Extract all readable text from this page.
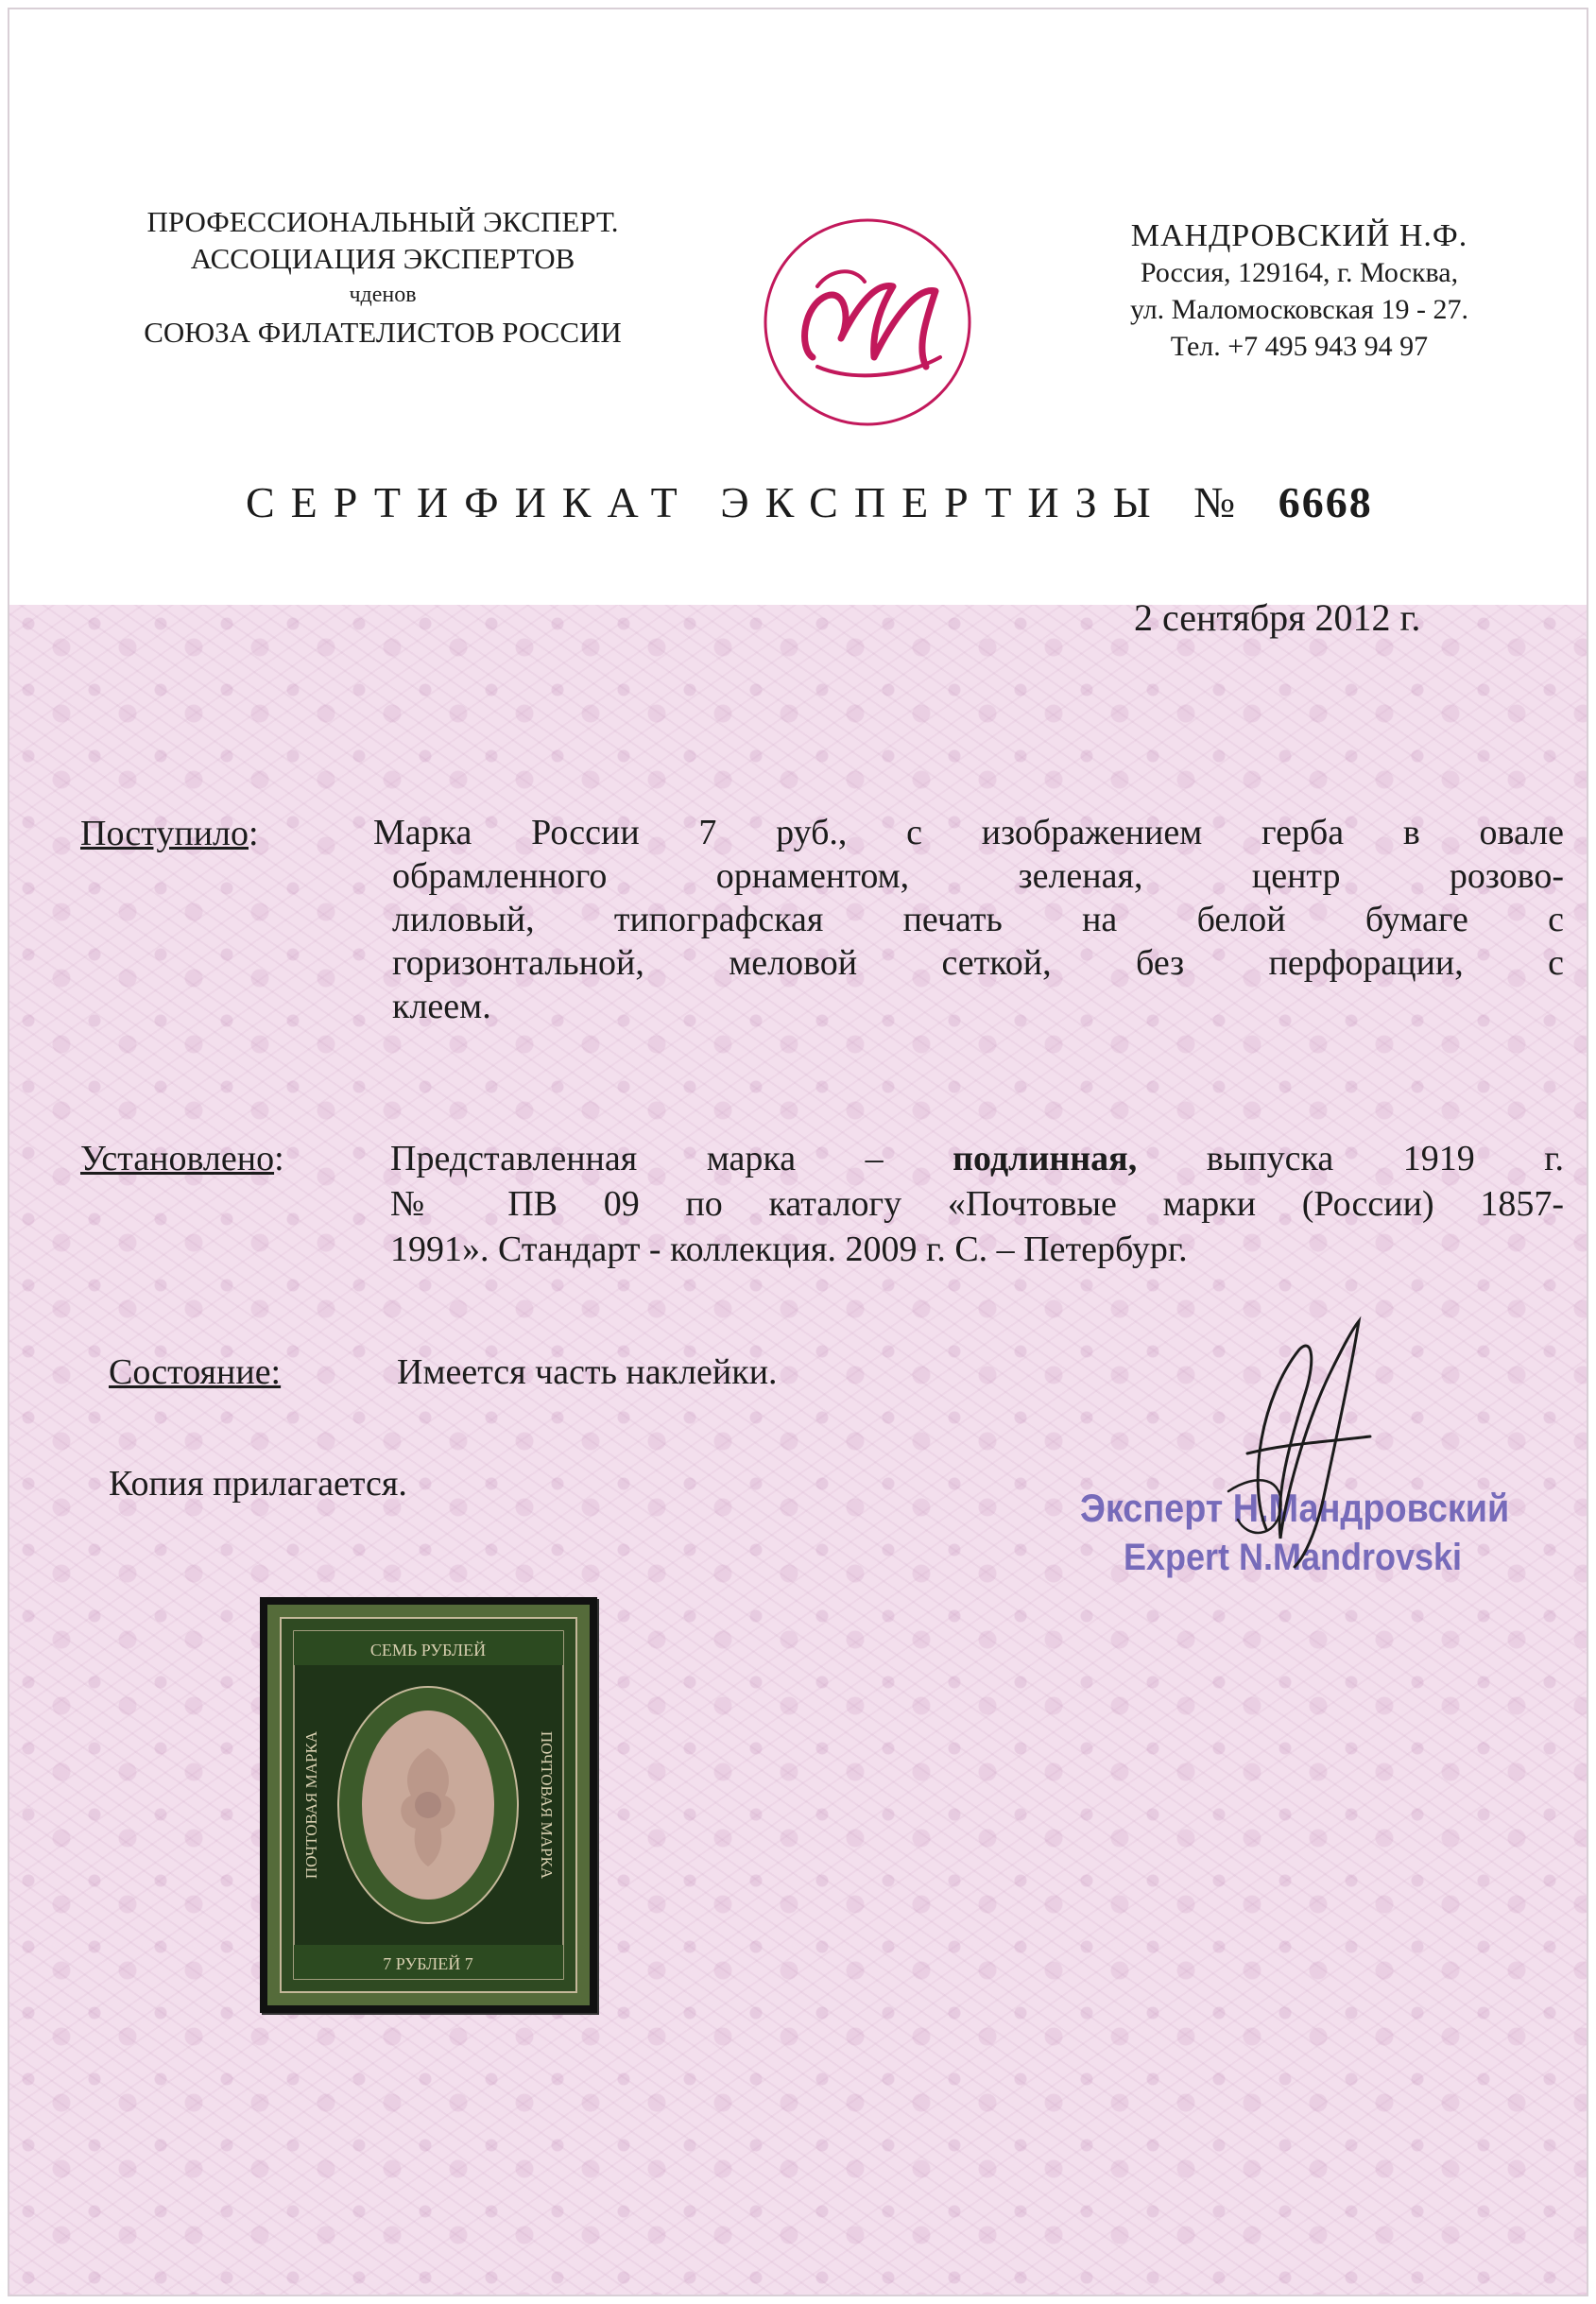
ПРОФЕССИОНАЛЬНЫЙ ЭКСПЕРТ.
АССОЦИАЦИЯ ЭКСПЕРТОВ
чденов
СОЮЗА ФИЛАТЕЛИСТОВ РОССИИ
МАНДРОВСКИЙ Н.Ф.
Россия, 129164, г. Москва,
ул. Маломосковская 19 - 27.
Тел. +7 495 943 94 97
СЕРТИФИКАТ ЭКСПЕРТИЗЫ № 6668
2 сентября 2012 г.
Поступило:	Марка России 7 руб., с изображением герба в овале
обрамленного орнаментом, зеленая, центр розово-
лиловый, типографская печать на белой бумаге с
горизонтальной, меловой сеткой, без перфорации, с
клеем.
Установлено:	Представленная марка – подлинная, выпуска 1919 г.
№ ПВ 09 по каталогу «Почтовые марки (России) 1857-
1991». Стандарт - коллекция. 2009 г. С. – Петербург.
Состояние:	Имеется часть наклейки.
Копия прилагается.
Эксперт Н.Мандровский
Expert N.Mandrovski
СЕМЬ РУБЛЕЙ
7 РУБЛЕЙ 7
ПОЧТОВАЯ МАРКА	ПОЧТОВАЯ МАРКА
